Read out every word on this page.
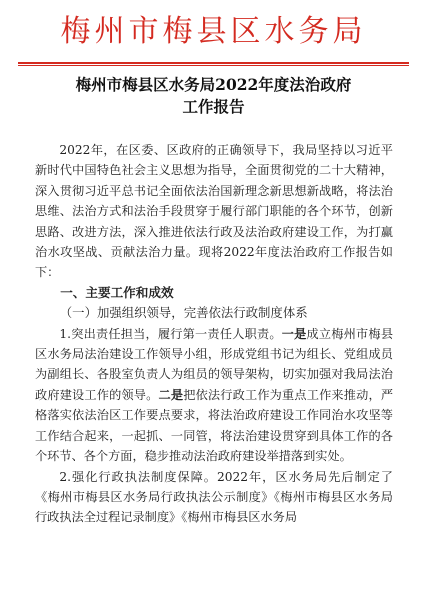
梅州市梅县区水务局
梅州市梅县区水务局2022年度法治政府
工作报告

2022年，在区委、区政府的正确领导下，我局坚持以习近平新时代中国特色社会主义思想为指导，全面贯彻党的二十大精神，深入贯彻习近平总书记全面依法治国新理念新思想新战略，将法治思维、法治方式和法治手段贯穿于履行部门职能的各个环节，创新思路、改进方法，深入推进依法行政及法治政府建设工作，为打赢治水攻坚战、贡献法治力量。现将2022年度法治政府工作报告如下：

一、主要工作和成效

（一）加强组织领导，完善依法行政制度体系

1.突出责任担当，履行第一责任人职责。一是成立梅州市梅县区水务局法治建设工作领导小组，形成党组书记为组长、党组成员为副组长、各股室负责人为组员的领导架构，切实加强对我局法治政府建设工作的领导。二是把依法行政工作为重点工作来推动，严格落实依法治区工作要点要求，将法治政府建设工作同治水攻坚等工作结合起来，一起抓、一同管，将法治建设贯穿到具体工作的各个环节、各个方面，稳步推动法治政府建设举措落到实处。

2.强化行政执法制度保障。2022年，区水务局先后制定了《梅州市梅县区水务局行政执法公示制度》《梅州市梅县区水务局行政执法全过程记录制度》《梅州市梅县区水务局
